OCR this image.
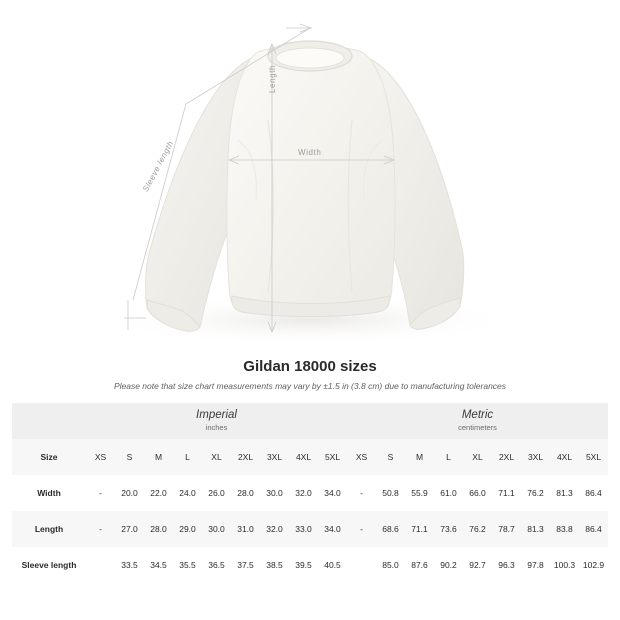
Length
Width
Sleeve length
Gildan 18000 sizes

Please note that size chart measurements may vary by ±1.5 in (3.8 cm) due to manufacturing tolerances

	Imperial
inches									Metric
centimeters								

Size	XS	S	M	L	XL	2XL	3XL	4XL	5XL	XS	S	M	L	XL	2XL	3XL	4XL	5XL
Width	-	20.0	22.0	24.0	26.0	28.0	30.0	32.0	34.0	-	50.8	55.9	61.0	66.0	71.1	76.2	81.3	86.4
Length	-	27.0	28.0	29.0	30.0	31.0	32.0	33.0	34.0	-	68.6	71.1	73.6	76.2	78.7	81.3	83.8	86.4
Sleeve length		33.5	34.5	35.5	36.5	37.5	38.5	39.5	40.5		85.0	87.6	90.2	92.7	96.3	97.8	100.3	102.9
